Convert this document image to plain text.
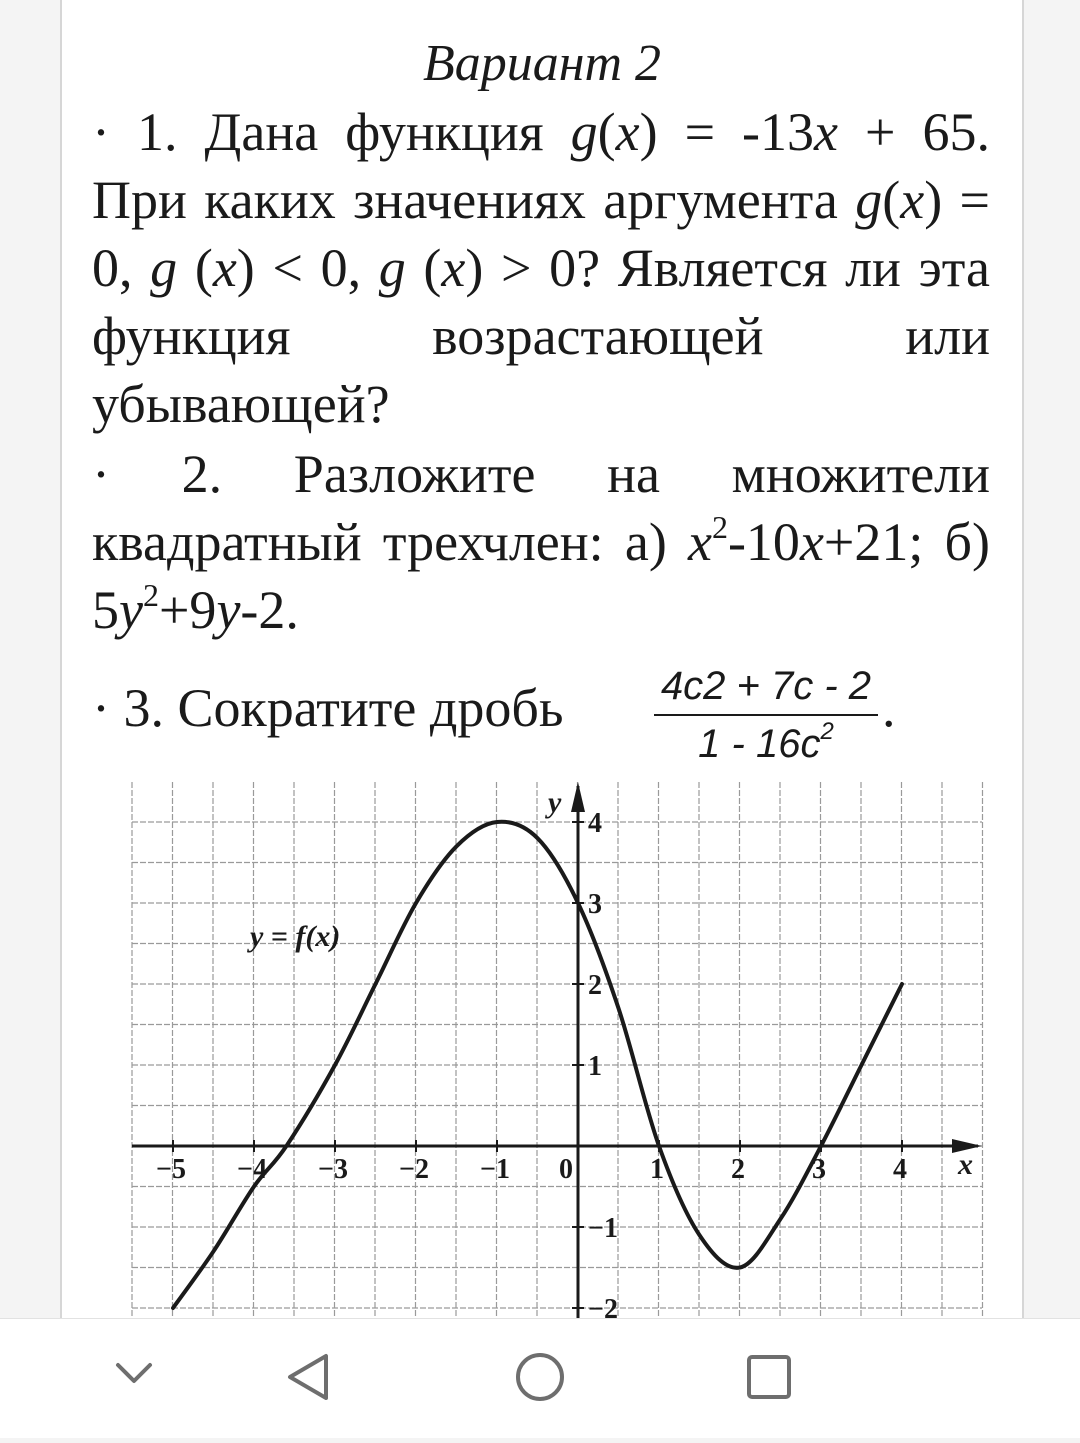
Вариант 2
· 1. Дана функция g(x) = -13x + 65. При каких значениях аргумента g(x) = 0, g (x) < 0, g (x) > 0? Является ли эта функция возрастающей или убывающей?
· 2. Разложите на множители квадратный трехчлен: а) $x^2-10x+21$; б) $5y^2+9y-2$.
· 3. Сократите дробь $\frac{4c2 + 7c - 2}{1 - 16c^2}$ .
−5 −4 −3 −2 −1 0	1 2 3 4
4
3
2
1
−1
−2
x
y
y = f(x)
